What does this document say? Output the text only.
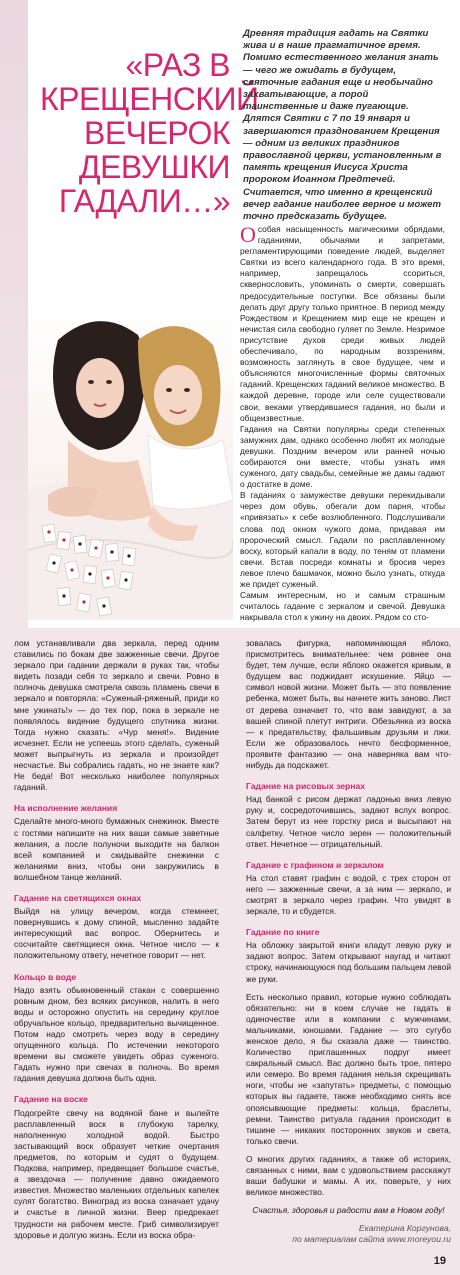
«РАЗ В КРЕЩЕНСКИЙ ВЕЧЕРОК ДЕВУШКИ ГАДАЛИ…»

Древняя традиция гадать на Святки жива и в наше прагматичное время. Помимо естественного желания знать — чего же ожидать в будущем, святочные гадания еще и необычайно захватывающие, а порой таинственные и даже пугающие. Длятся Святки с 7 по 19 января и завершаются празднованием Крещения — одним из великих праздников православной церкви, установленным в память крещения Иисуса Христа пророком Иоанном Предтечей. Считается, что именно в крещенский вечер гадание наиболее верное и может точно предсказать будущее.

Особая насыщенность магическими обрядами, гаданиями, обычаями и запретами, регламентирующими поведение людей, выделяет Святки из всего календарного года. В это время, например, запрещалось ссориться, сквернословить, упоминать о смерти, совершать предосудительные поступки. Все обязаны были делать друг другу только приятное. В период между Рождеством и Крещением мир еще не крещен и нечистая сила свободно гуляет по Земле. Незримое присутствие духов среди живых людей обеспечивало, по народным воззрениям, возможность заглянуть в свое будущее, чем и объясняются многочисленные формы святочных гаданий. Крещенских гаданий великое множество. В каждой деревне, городе или селе существовали свои, веками утвердившиеся гадания, но были и общеизвестные.

Гадания на Святки популярны среди степенных замужних дам, однако особенно любят их молодые девушки. Поздним вечером или ранней ночью собираются они вместе, чтобы узнать имя суженого, дату свадьбы, семейные же дамы гадают о достатке в доме.

В гаданиях о замужестве девушки перекидывали через дом обувь, обегали дом парня, чтобы «привязать» к себе возлюбленного. Подслушивали слова под окном чужого дома, придавая им пророческий смысл. Гадали по расплавленному воску, который капали в воду, по теням от пламени свечи. Встав посреди комнаты и бросив через левое плечо башмачок, можно было узнать, откуда же придет суженый.

Самым интересным, но и самым страшным считалось гадание с зеркалом и свечой. Девушка накрывала стол к ужину на двоих. Рядом со сто-

лом устанавливали два зеркала, перед одним ставились по бокам две зажженные свечи. Другое зеркало при гадании держали в руках так, чтобы видеть позади себя то зеркало и свечи. Ровно в полночь девушка смотрела сквозь пламень свечи в зеркало и повторяла: «Суженый-ряженый, приди ко мне ужинать!» — до тех пор, пока в зеркале не появлялось видение будущего спутника жизни. Тогда нужно сказать: «Чур меня!». Видение исчезнет. Если не успеешь этого сделать, суженый может выпрыгнуть из зеркала и произойдет несчастье. Вы собрались гадать, но не знаете как? Не беда! Вот несколько наиболее популярных гаданий.

На исполнение желания

Сделайте много-много бумажных снежинок. Вместе с гостями напишите на них ваши самые заветные желания, а после полуночи выходите на балкон всей компанией и скидывайте снежинки с желаниями вниз, чтобы они закружились в волшебном танце желаний.

Гадание на светящихся окнах

Выйдя на улицу вечером, когда стемнеет, повернувшись к дому спиной, мысленно задайте интересующий вас вопрос. Обернитесь и сосчитайте светящиеся окна. Четное число — к положительному ответу, нечетное говорит — нет.

Кольцо в воде

Надо взять обыкновенный стакан с совершенно ровным дном, без всяких рисунков, налить в него воды и осторожно опустить на середину круглое обручальное кольцо, предварительно вычищенное. Потом надо смотреть через воду в середину опущенного кольца. По истечении некоторого времени вы сможете увидеть образ суженого. Гадать нужно при свечах в полночь. Во время гадания девушка должна быть одна.

Гадание на воске

Подогрейте свечу на водяной бане и вылейте расплавленный воск в глубокую тарелку, наполненную холодной водой. Быстро застывающий воск образует четкие очертания предметов, по которым и судят о будущем. Подкова, например, предвещает большое счастье, а звездочка — получение давно ожидаемого известия. Множество маленьких отдельных капелек сулят богатство. Виноград из воска означает удачу и счастье в личной жизни. Веер предрекает трудности на рабочем месте. Гриб символизирует здоровье и долгую жизнь. Если из воска обра-

зовалась фигурка, напоминающая яблоко, присмотритесь внимательнее: чем ровнее она будет, тем лучше, если яблоко окажется кривым, в будущем вас поджидает искушение. Яйцо — символ новой жизни. Может быть — это появление ребенка, может быть, вы начнете жить заново. Лист от дерева означает то, что вам завидуют, а за вашей спиной плетут интриги. Обезьянка из воска — к предательству, фальшивым друзьям и лжи. Если же образовалось нечто бесформенное, проявите фантазию — она наверняка вам что-нибудь да подскажет.

Гадание на рисовых зернах

Над банкой с рисом держат ладонью вниз левую руку и, сосредоточившись, задают вслух вопрос. Затем берут из нее горстку риса и высыпают на салфетку. Четное число зерен — положительный ответ. Нечетное — отрицательный.

Гадание с графином и зеркалом

На стол ставят графин с водой, с трех сторон от него — зажженные свечи, а за ним — зеркало, и смотрят в зеркало через графин. Что увидят в зеркале, то и сбудется.

Гадание по книге

На обложку закрытой книги кладут левую руку и задают вопрос. Затем открывают наугад и читают строку, начинающуюся под большим пальцем левой же руки.

Есть несколько правил, которые нужно соблюдать обязательно: ни в коем случае не гадать в одиночестве или в компании с мужчинами, мальчиками, юношами. Гадание — это сугубо женское дело, я бы сказала даже — таинство. Количество приглашенных подруг имеет сакральный смысл. Вас должно быть трое, пятеро или семеро. Во время гадания нельзя скрещивать ноги, чтобы не «запутать» предметы, с помощью которых вы гадаете, также необходимо снять все опоясывающие предметы: кольца, браслеты, ремни. Таинство ритуала гадания происходит в тишине — никаких посторонних звуков и света, только свечи.

О многих других гаданиях, а также об историях, связанных с ними, вам с удовольствием расскажут ваши бабушки и мамы. А их, поверьте, у них великое множество.

Счастья, здоровья и радости вам в Новом году!

Екатерина Коргунова,
по материалам сайта www.moreyou.ru
19
